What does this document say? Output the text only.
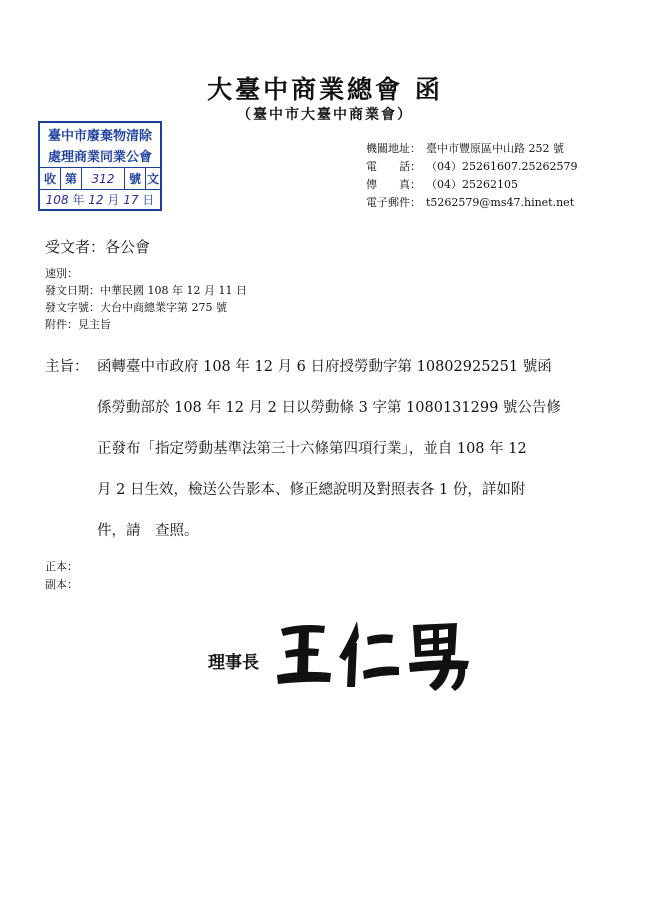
大臺中商業總會 函
（臺中市大臺中商業會）
臺中市廢棄物清除
處理商業同業公會
收 第	312	號 文
108 年 12 月 17 日
機關地址： 臺中市豐原區中山路 252 號
電　　話： （04）25261607.25262579
傳　　真： （04）25262105
電子郵件： t5262579@ms47.hinet.net
受文者：各公會
速別：
發文日期：中華民國 108 年 12 月 11 日
發文字號：大台中商總業字第 275 號
附件：見主旨
主旨： 函轉臺中市政府 108 年 12 月 6 日府授勞動字第 10802925251 號函
係勞動部於 108 年 12 月 2 日以勞動條 3 字第 1080131299 號公告修
正發布「指定勞動基準法第三十六條第四項行業」，並自 108 年 12
月 2 日生效，檢送公告影本、修正總說明及對照表各 1 份，詳如附
件，請　查照。
正本：
副本：
理事長
